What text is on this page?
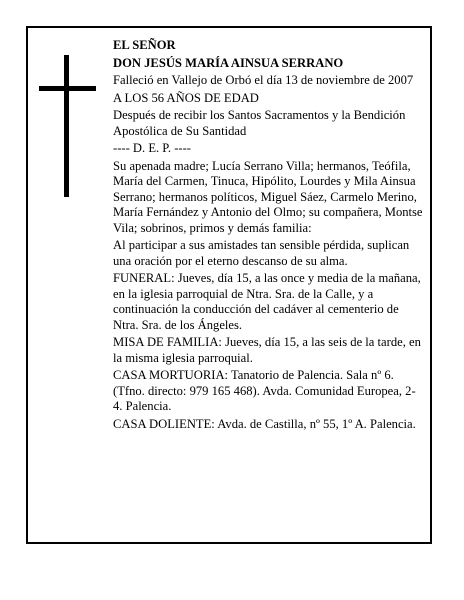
EL SEÑOR

DON JESÚS MARÍA AINSUA SERRANO

Falleció en Vallejo de Orbó el día 13 de noviembre de 2007

A LOS 56 AÑOS DE EDAD

Después de recibir los Santos Sacramentos y la Bendición Apostólica de Su Santidad

---- D. E. P. ----

Su apenada madre; Lucía Serrano Villa; hermanos, Teófila, María del Carmen, Tinuca, Hipólito, Lourdes y Mila Ainsua Serrano; hermanos políticos, Miguel Sáez, Carmelo Merino, María Fernández y Antonio del Olmo; su compañera, Montse Vila; sobrinos, primos y demás familia:

Al participar a sus amistades tan sensible pérdida, suplican una oración por el eterno descanso de su alma.

FUNERAL: Jueves, día 15, a las once y media de la mañana, en la iglesia parroquial de Ntra. Sra. de la Calle, y a continuación la conducción del cadáver al cementerio de Ntra. Sra. de los Ángeles.

MISA DE FAMILIA: Jueves, día 15, a las seis de la tarde, en la misma iglesia parroquial.

CASA MORTUORIA: Tanatorio de Palencia. Sala nº 6. (Tfno. directo: 979 165 468). Avda. Comunidad Europea, 2-4. Palencia.

CASA DOLIENTE: Avda. de Castilla, nº 55, 1º A. Palencia.
